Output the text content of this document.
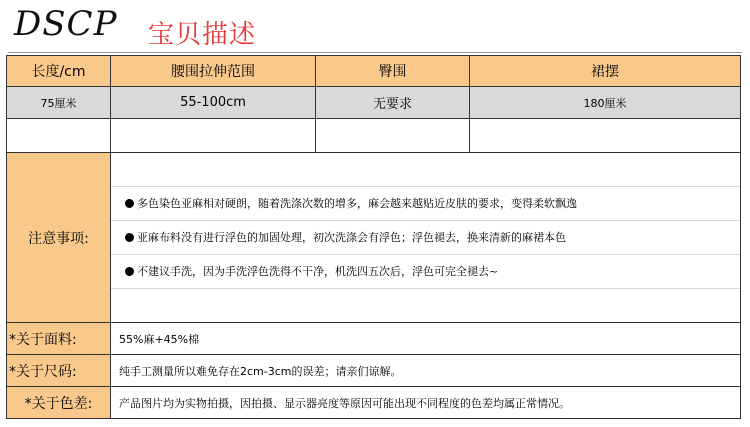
DSCP 宝贝描述
长度/cm	腰围拉伸范围	臀围	裙摆
75厘米	55-100cm	无要求	180厘米

注意事项:	多色染色亚麻相对硬朗，随着洗涤次数的增多，麻会越来越贴近皮肤的要求，变得柔软飘逸
亚麻布料没有进行浮色的加固处理，初次洗涤会有浮色；浮色褪去，换来清新的麻裙本色
不建议手洗，因为手洗浮色洗得不干净，机洗四五次后，浮色可完全褪去~		

*关于面料:	55%麻+45%棉		
*关于尺码:	纯手工测量所以难免存在2cm-3cm的误差；请亲们谅解。		
*关于色差:	产品图片均为实物拍摄，因拍摄、显示器亮度等原因可能出现不同程度的色差均属正常情况。		
